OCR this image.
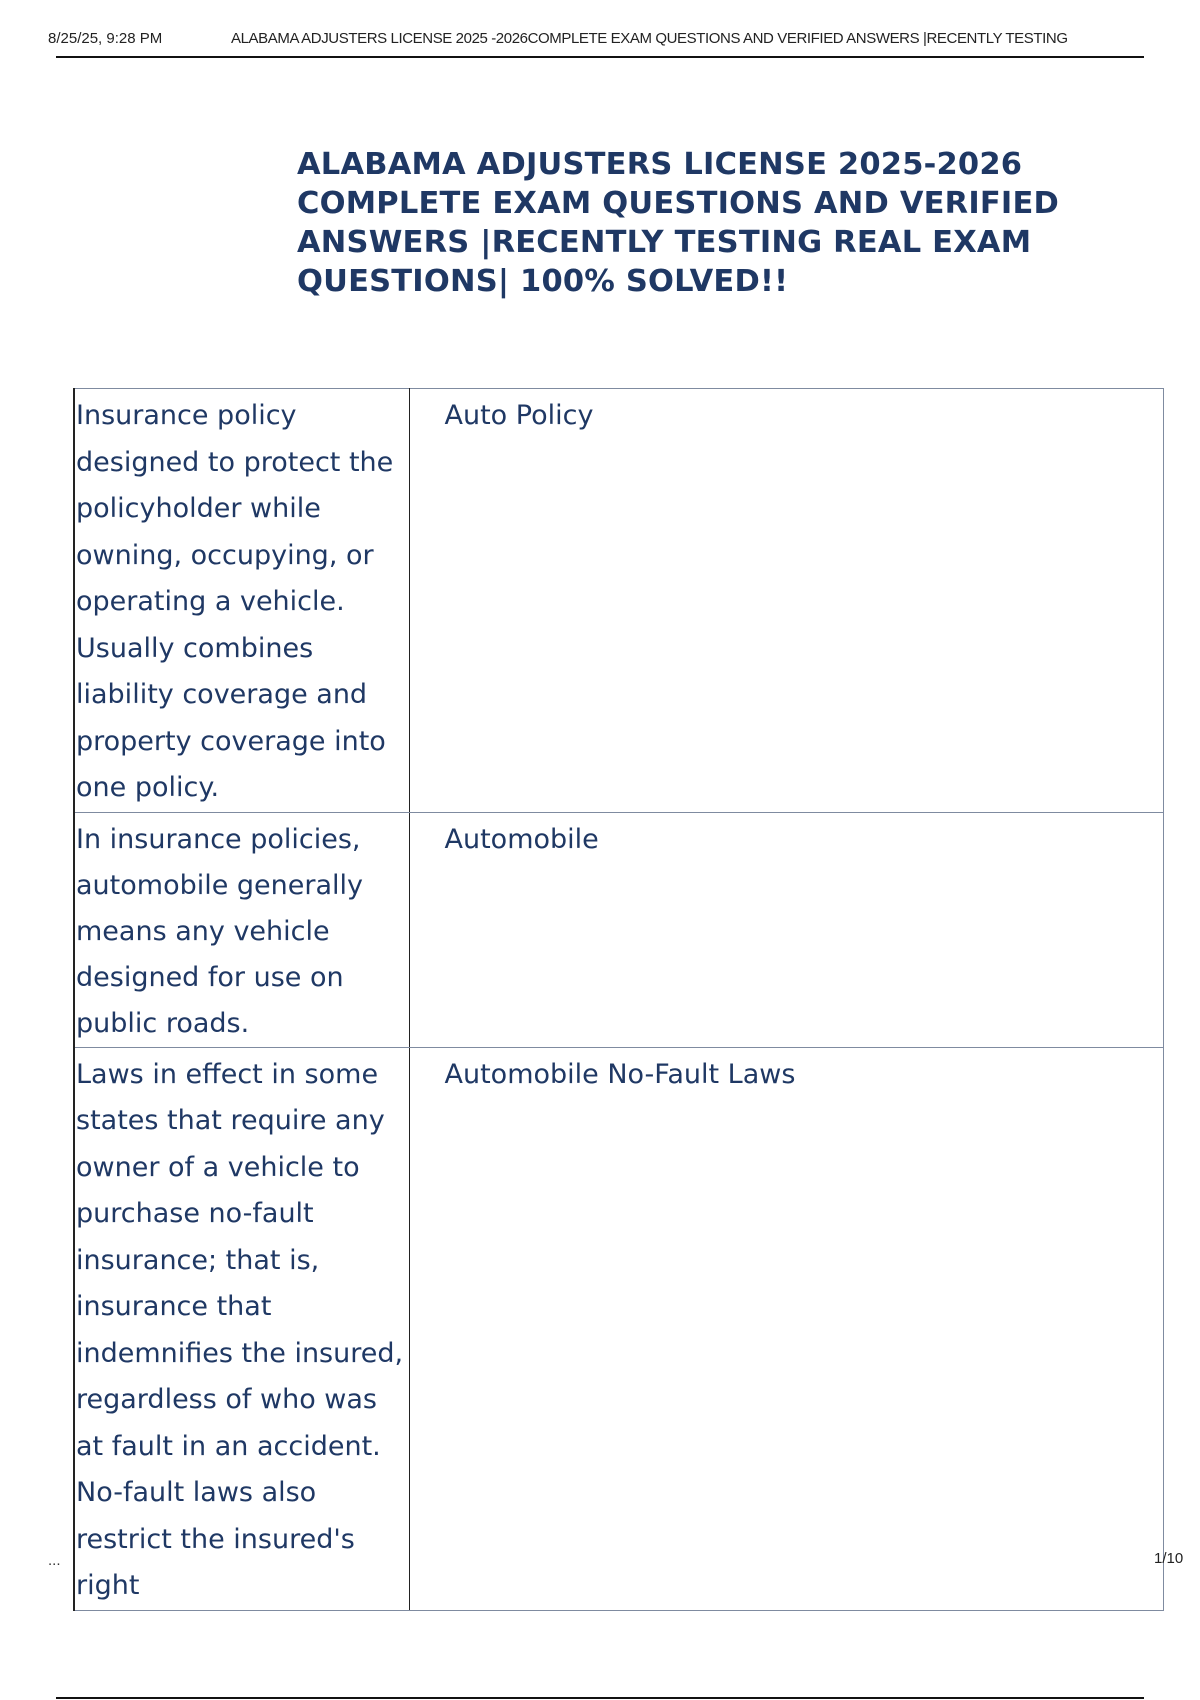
8/25/25, 9:28 PM	ALABAMA ADJUSTERS LICENSE 2025 -2026COMPLETE EXAM QUESTIONS AND VERIFIED ANSWERS |RECENTLY TESTING
ALABAMA ADJUSTERS LICENSE 2025-2026 COMPLETE EXAM QUESTIONS AND VERIFIED ANSWERS |RECENTLY TESTING REAL EXAM QUESTIONS| 100% SOLVED!!
Insurance policy designed to protect the policyholder while owning, occupying, or operating a vehicle. Usually combines liability coverage and property coverage into one policy.	Auto Policy

In insurance policies, automobile generally means any vehicle designed for use on public roads.	Automobile

Laws in effect in some states that require any owner of a vehicle to purchase no-fault insurance; that is, insurance that indemnifies the insured, regardless of who was at fault in an accident. No-fault laws also restrict the insured's right	Automobile No-Fault Laws
...	1/10
